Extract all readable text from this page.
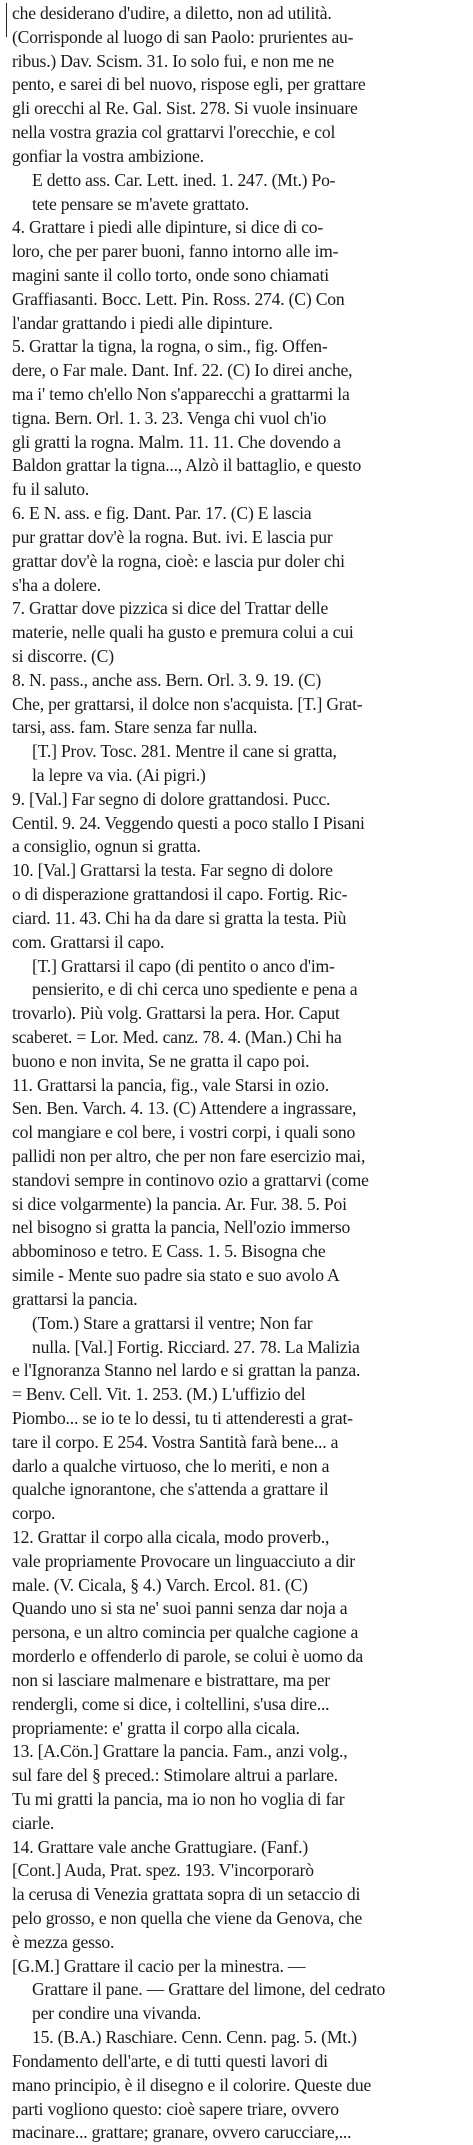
che desiderano d'udire, a diletto, non ad utilità.
(Corrisponde al luogo di san Paolo: prurientes au-
ribus.) Dav. Scism. 31. Io solo fui, e non me ne
pento, e sarei di bel nuovo, rispose egli, per grattare
gli orecchi al Re. Gal. Sist. 278. Si vuole insinuare
nella vostra grazia col grattarvi l'orecchie, e col
gonfiar la vostra ambizione.
E detto ass. Car. Lett. ined. 1. 247. (Mt.) Po-
tete pensare se m'avete grattato.
4. Grattare i piedi alle dipinture, si dice di co-
loro, che per parer buoni, fanno intorno alle im-
magini sante il collo torto, onde sono chiamati
Graffiasanti. Bocc. Lett. Pin. Ross. 274. (C) Con
l'andar grattando i piedi alle dipinture.
5. Grattar la tigna, la rogna, o sim., fig. Offen-
dere, o Far male. Dant. Inf. 22. (C) Io direi anche,
ma i' temo ch'ello Non s'apparecchi a grattarmi la
tigna. Bern. Orl. 1. 3. 23. Venga chi vuol ch'io
gli gratti la rogna. Malm. 11. 11. Che dovendo a
Baldon grattar la tigna..., Alzò il battaglio, e questo
fu il saluto.
6. E N. ass. e fig. Dant. Par. 17. (C) E lascia
pur grattar dov'è la rogna. But. ivi. E lascia pur
grattar dov'è la rogna, cioè: e lascia pur doler chi
s'ha a dolere.
7. Grattar dove pizzica si dice del Trattar delle
materie, nelle quali ha gusto e premura colui a cui
si discorre. (C)
8. N. pass., anche ass. Bern. Orl. 3. 9. 19. (C)
Che, per grattarsi, il dolce non s'acquista. [T.] Grat-
tarsi, ass. fam. Stare senza far nulla.
[T.] Prov. Tosc. 281. Mentre il cane si gratta,
la lepre va via. (Ai pigri.)
9. [Val.] Far segno di dolore grattandosi. Pucc.
Centil. 9. 24. Veggendo questi a poco stallo I Pisani
a consiglio, ognun si gratta.
10. [Val.] Grattarsi la testa. Far segno di dolore
o di disperazione grattandosi il capo. Fortig. Ric-
ciard. 11. 43. Chi ha da dare si gratta la testa. Più
com. Grattarsi il capo.
[T.] Grattarsi il capo (di pentito o anco d'im-
pensierito, e di chi cerca uno spediente e pena a
trovarlo). Più volg. Grattarsi la pera. Hor. Caput
scaberet. = Lor. Med. canz. 78. 4. (Man.) Chi ha
buono e non invita, Se ne gratta il capo poi.
11. Grattarsi la pancia, fig., vale Starsi in ozio.
Sen. Ben. Varch. 4. 13. (C) Attendere a ingrassare,
col mangiare e col bere, i vostri corpi, i quali sono
pallidi non per altro, che per non fare esercizio mai,
standovi sempre in continovo ozio a grattarvi (come
si dice volgarmente) la pancia. Ar. Fur. 38. 5. Poi
nel bisogno si gratta la pancia, Nell'ozio immerso
abbominoso e tetro. E Cass. 1. 5. Bisogna che
simile - Mente suo padre sia stato e suo avolo A
grattarsi la pancia.
(Tom.) Stare a grattarsi il ventre; Non far
nulla. [Val.] Fortig. Ricciard. 27. 78. La Malizia
e l'Ignoranza Stanno nel lardo e si grattan la panza.
= Benv. Cell. Vit. 1. 253. (M.) L'uffizio del
Piombo... se io te lo dessi, tu ti attenderesti a grat-
tare il corpo. E 254. Vostra Santità farà bene... a
darlo a qualche virtuoso, che lo meriti, e non a
qualche ignorantone, che s'attenda a grattare il
corpo.
12. Grattar il corpo alla cicala, modo proverb.,
vale propriamente Provocare un linguacciuto a dir
male. (V. Cicala, § 4.) Varch. Ercol. 81. (C)
Quando uno si sta ne' suoi panni senza dar noja a
persona, e un altro comincia per qualche cagione a
morderlo e offenderlo di parole, se colui è uomo da
non si lasciare malmenare e bistrattare, ma per
rendergli, come si dice, i coltellini, s'usa dire...
propriamente: e' gratta il corpo alla cicala.
13. [A.Cön.] Grattare la pancia. Fam., anzi volg.,
sul fare del § preced.: Stimolare altrui a parlare.
Tu mi gratti la pancia, ma io non ho voglia di far
ciarle.
14. Grattare vale anche Grattugiare. (Fanf.)
[Cont.] Auda, Prat. spez. 193. V'incorporarò
la cerusa di Venezia grattata sopra di un setaccio di
pelo grosso, e non quella che viene da Genova, che
è mezza gesso.
[G.M.] Grattare il cacio per la minestra. —
Grattare il pane. — Grattare del limone, del cedrato
per condire una vivanda.
15. (B.A.) Raschiare. Cenn. Cenn. pag. 5. (Mt.)
Fondamento dell'arte, e di tutti questi lavori di
mano principio, è il disegno e il colorire. Queste due
parti vogliono questo: cioè sapere triare, ovvero
macinare... grattare; granare, ovvero carucciare,...
